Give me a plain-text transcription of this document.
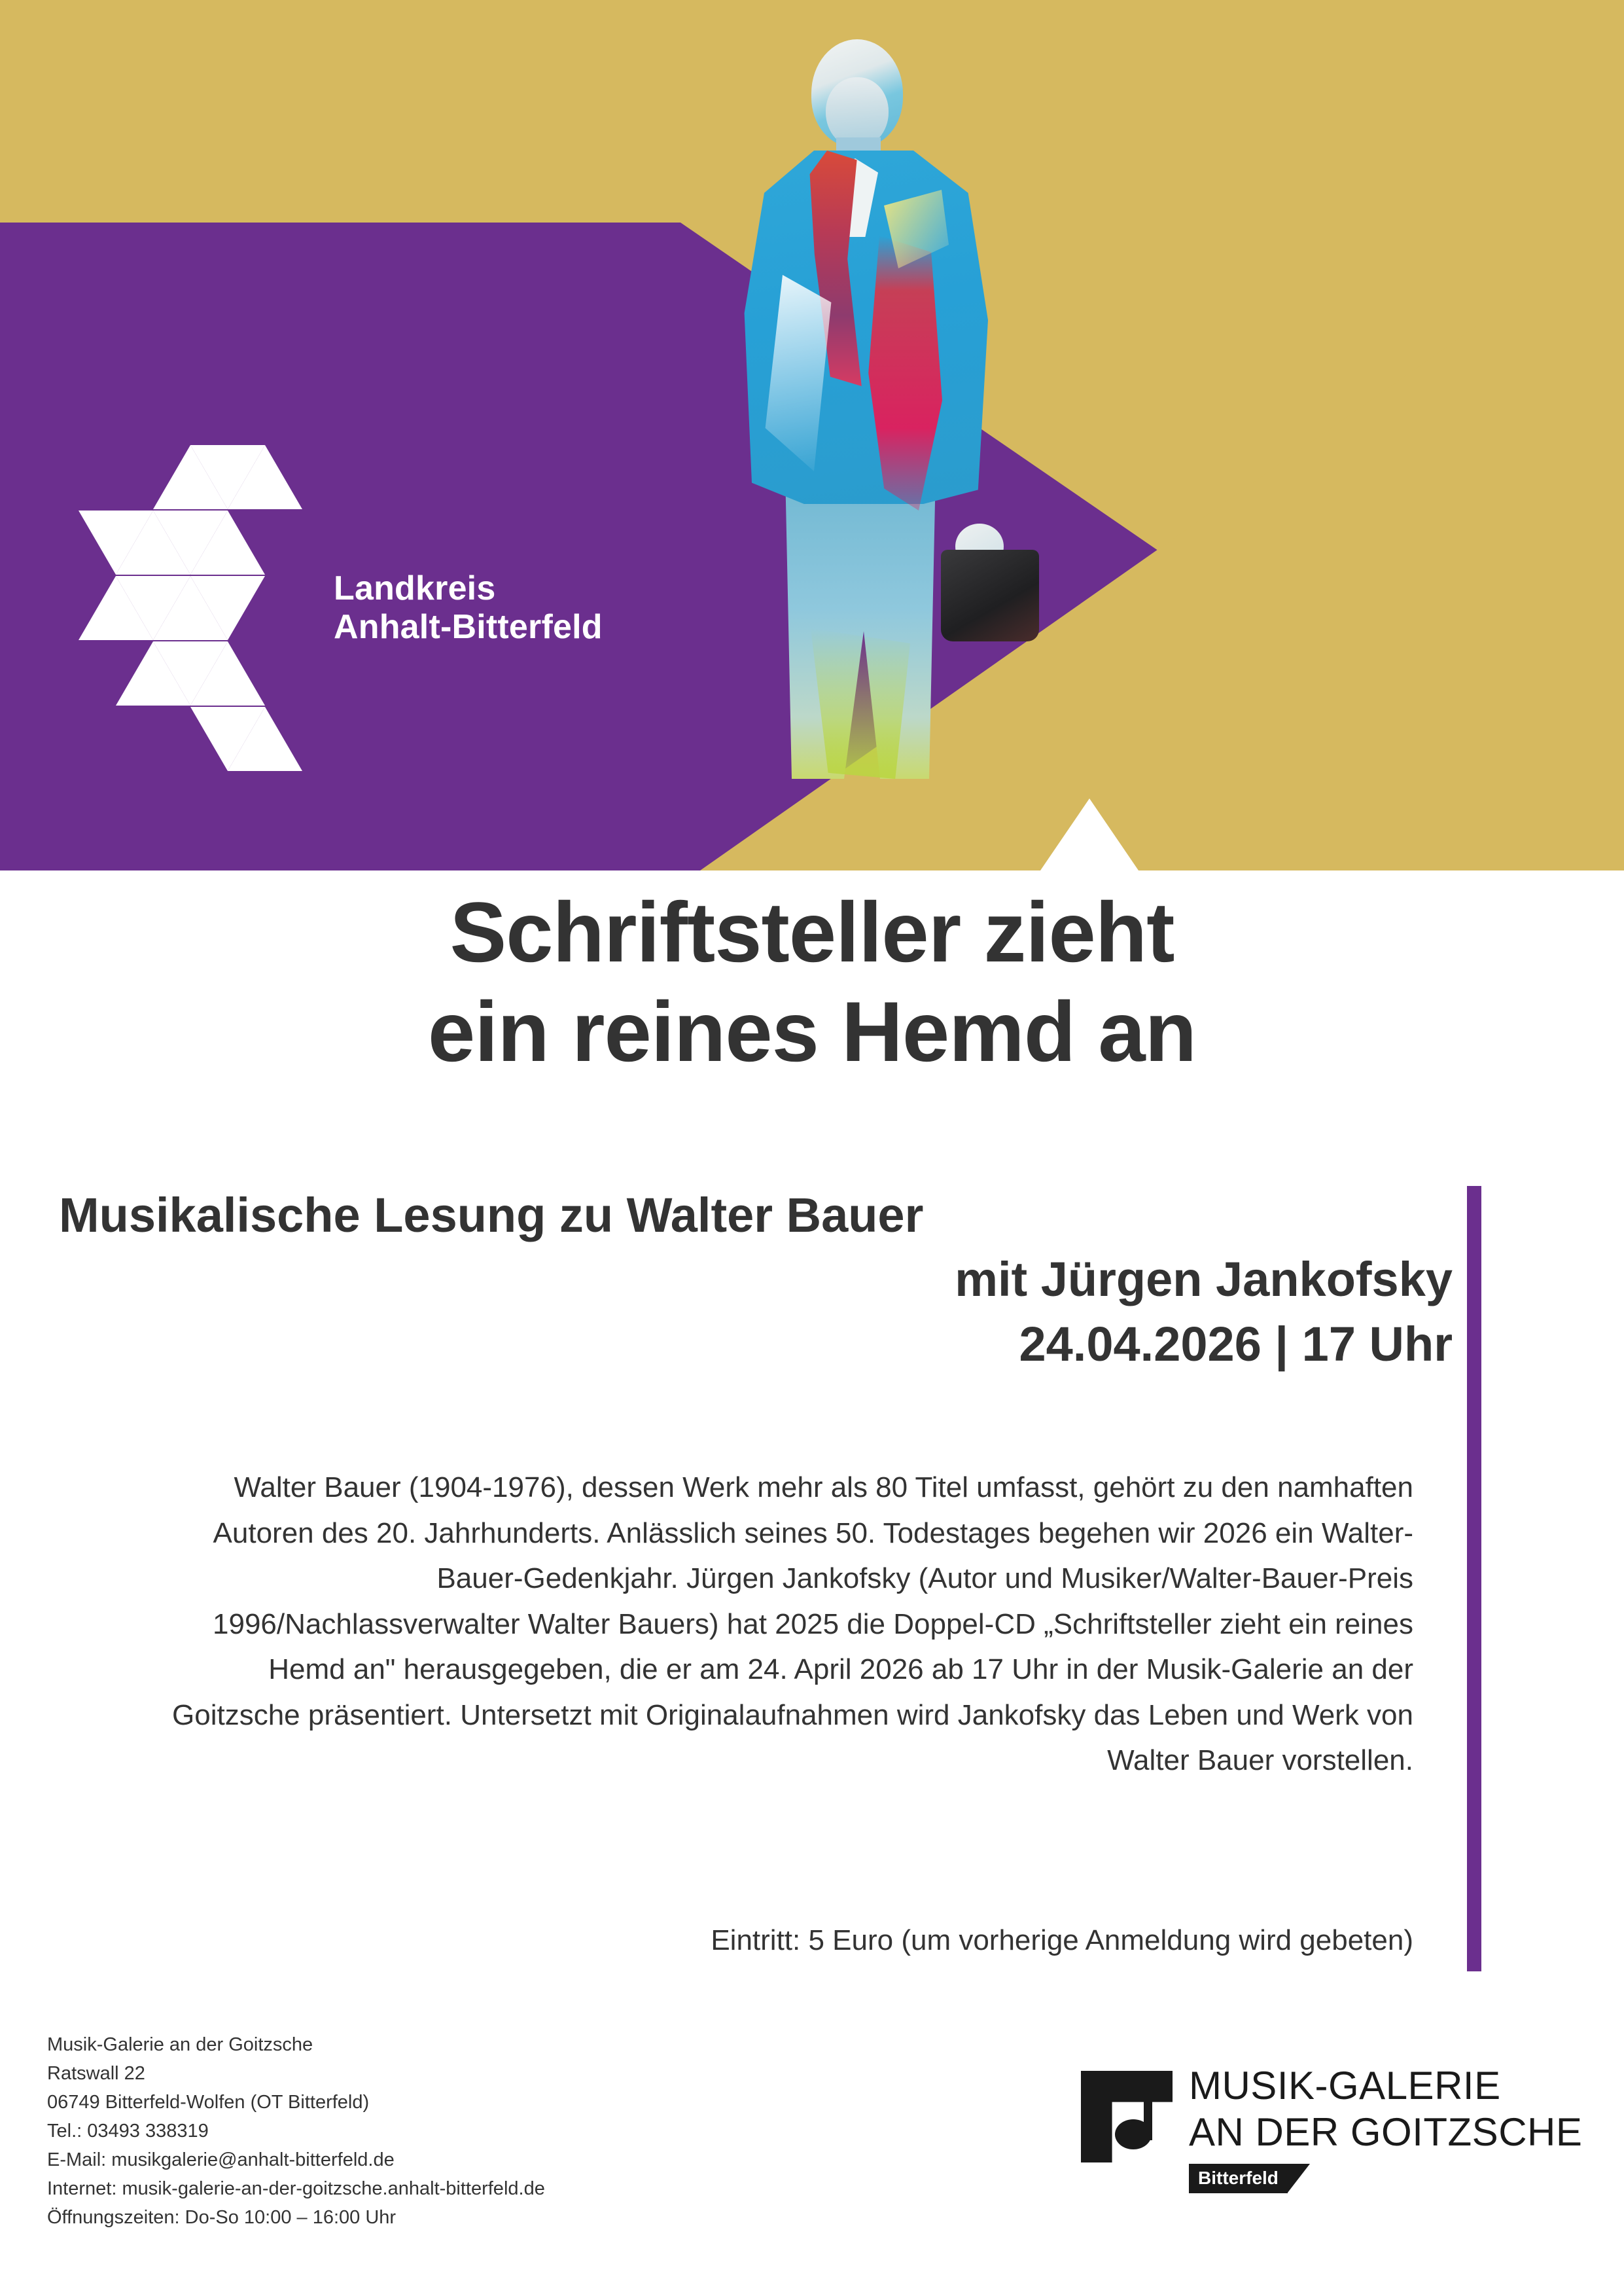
Landkreis
Anhalt-Bitterfeld
Schriftsteller zieht
ein reines Hemd an
Musikalische Lesung zu Walter Bauer
mit Jürgen Jankofsky
24.04.2026 | 17 Uhr
Walter Bauer (1904-1976), dessen Werk mehr als 80 Titel umfasst, gehört zu den namhaften Autoren des 20. Jahrhunderts. Anlässlich seines 50. Todestages begehen wir 2026 ein Walter-Bauer-Gedenkjahr. Jürgen Jankofsky (Autor und Musiker/Walter-Bauer-Preis 1996/Nachlassverwalter Walter Bauers) hat 2025 die Doppel-CD „Schriftsteller zieht ein reines Hemd an" herausgegeben, die er am 24. April 2026 ab 17 Uhr in der Musik-Galerie an der Goitzsche präsentiert. Untersetzt mit Originalaufnahmen wird Jankofsky das Leben und Werk von Walter Bauer vorstellen.
Eintritt: 5 Euro (um vorherige Anmeldung wird gebeten)
Musik-Galerie an der Goitzsche
Ratswall 22
06749 Bitterfeld-Wolfen (OT Bitterfeld)
Tel.: 03493 338319
E-Mail: musikgalerie@anhalt-bitterfeld.de
Internet: musik-galerie-an-der-goitzsche.anhalt-bitterfeld.de
Öffnungszeiten: Do-So 10:00 – 16:00 Uhr
MUSIK-GALERIE
AN DER GOITZSCHE
Bitterfeld
